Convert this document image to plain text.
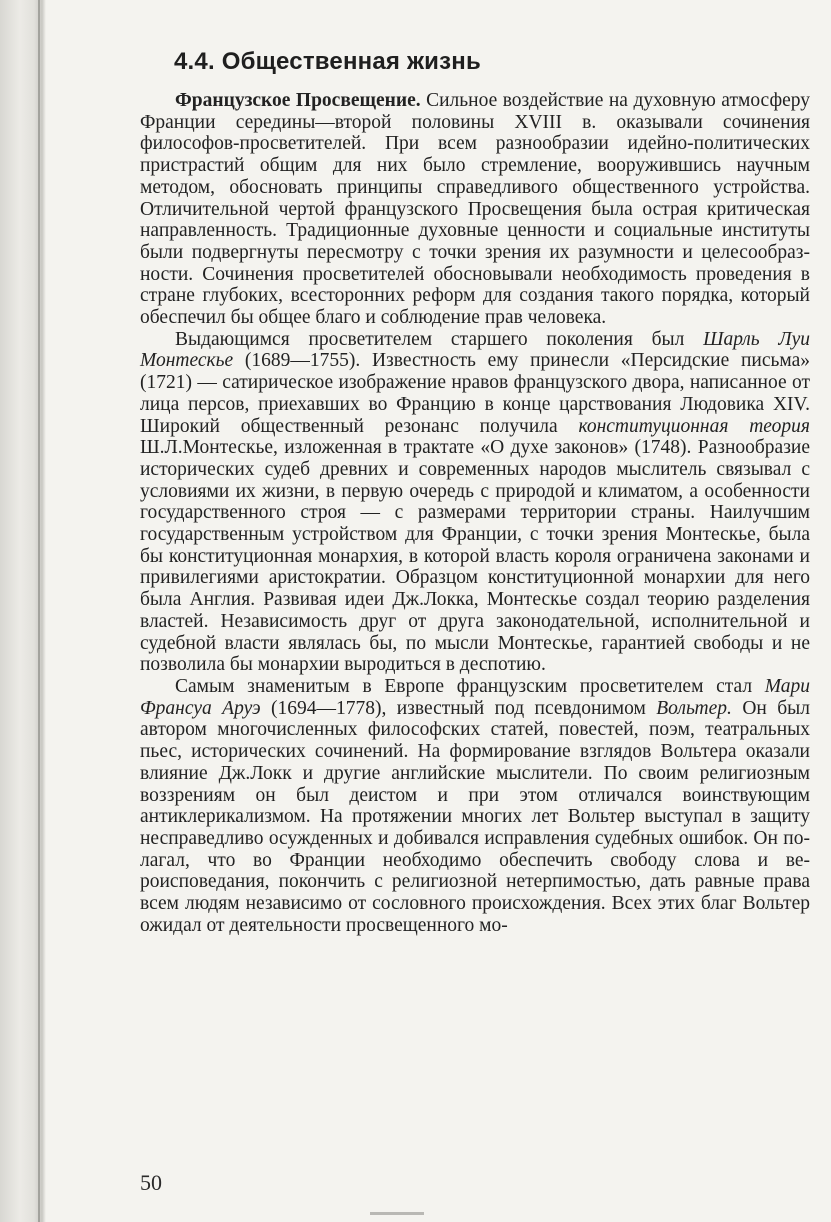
4.4. Общественная жизнь

Французское Просвещение. Сильное воздействие на духовную атмосферу Франции середины—второй половины XVIII в. оказывали сочинения философов-просветителей. При всем разнообразии идейно-политических пристрастий общим для них было стремление, вооружившись научным методом, обосновать принципы справедливого общественного устройства. Отличительной чертой французского Просвещения была острая критическая направленность. Традиционные духовные ценности и социальные институты были подвергнуты пересмотру с точки зрения их разумности и целесообразности. Сочинения просветителей обосновывали необходимость проведения в стране глубоких, всесторонних реформ для создания такого порядка, который обеспечил бы общее благо и соблюдение прав человека.

Выдающимся просветителем старшего поколения был Шарль Луи Монтескье (1689—1755). Известность ему принесли «Персидские письма» (1721) — сатирическое изображение нравов французского двора, написанное от лица персов, приехавших во Францию в конце царствования Людовика XIV. Широкий общественный резонанс получила конституционная теория Ш.Л.Монтескье, изложенная в трактате «О духе законов» (1748). Разнообразие исторических судеб древних и современных народов мыслитель связывал с условиями их жизни, в первую очередь с природой и климатом, а особенности государственного строя — с размерами территории страны. Наилучшим государственным устройством для Франции, с точки зрения Монтескье, была бы конституционная монархия, в которой власть короля ограничена законами и привилегиями аристократии. Образцом конституционной монархии для него была Англия. Развивая идеи Дж.Локка, Монтескье создал теорию разделения властей. Независимость друг от друга законодательной, исполнительной и судебной власти являлась бы, по мысли Монтескье, гарантией свободы и не позволила бы монархии выродиться в деспотию.

Самым знаменитым в Европе французским просветителем стал Мари Франсуа Аруэ (1694—1778), известный под псевдонимом Вольтер. Он был автором многочисленных философских статей, повестей, поэм, театральных пьес, исторических сочинений. На формирование взглядов Вольтера оказали влияние Дж.Локк и другие английские мыслители. По своим религиозным воззрениям он был деистом и при этом отличался воинствующим антиклерикализмом. На протяжении многих лет Вольтер выступал в защиту несправедливо осужденных и добивался исправления судебных ошибок. Он полагал, что во Франции необходимо обеспечить свободу слова и вероисповедания, покончить с религиозной нетерпимостью, дать равные права всем людям независимо от сословного происхождения. Всех этих благ Вольтер ожидал от деятельности просвещенного мо-

50
